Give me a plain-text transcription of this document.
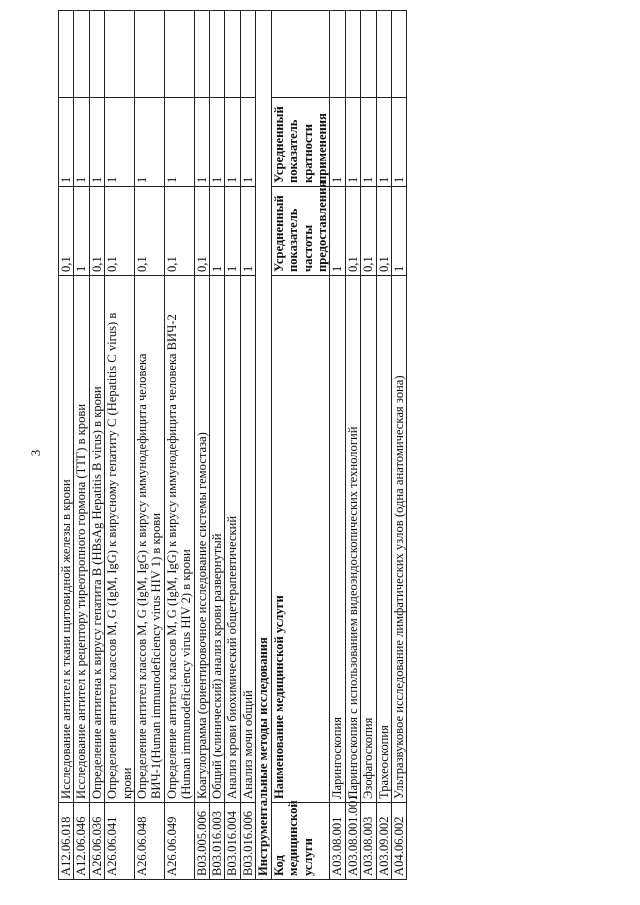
3
A12.06.018	Исследование антител к ткани щитовидной железы в крови	0,1	1	
A12.06.046	Исследование антител к рецептору тиреотропного гормона (ТТГ) в крови	1	1	
A26.06.036	Определение антигена к вирусу гепатита B (HBsAg Hepatitis B virus) в крови	0,1	1	
A26.06.041	Определение антител классов M, G (IgM, IgG) к вирусному гепатиту C (Hepatitis C virus) в крови	0,1	1	
A26.06.048	Определение антител классов M, G (IgM, IgG) к вирусу иммунодефицита человека ВИЧ-1(Human immunodeficiency virus HIV 1) в крови	0,1	1	
A26.06.049	Определение антител классов M, G (IgM, IgG) к вирусу иммунодефицита человека ВИЧ-2 (Human immunodeficiency virus HIV 2) в крови	0,1	1	
B03.005.006	Коагулограмма (ориентировочное исследование системы гемостаза)	0,1	1	
B03.016.003	Общий (клинический) анализ крови развернутый	1	1	
B03.016.004	Анализ крови биохимический общетерапевтический	1	1	
B03.016.006	Анализ мочи общий	1	1	
Инструментальные методы исследования				
Код медицинской услуги	Наименование медицинской услуги	Усредненный показатель частоты предоставления	Усредненный показатель кратности применения	
A03.08.001	Ларингоскопия	1	1	
A03.08.001.001	Ларингоскопия с использованием видеоэндоскопических технологий	0,1	1	
A03.08.003	Эзофагоскопия	0,1	1	
A03.09.002	Трахеоскопия	0,1	1	
A04.06.002	Ультразвуковое исследование лимфатических узлов (одна анатомическая зона)	1	1	
